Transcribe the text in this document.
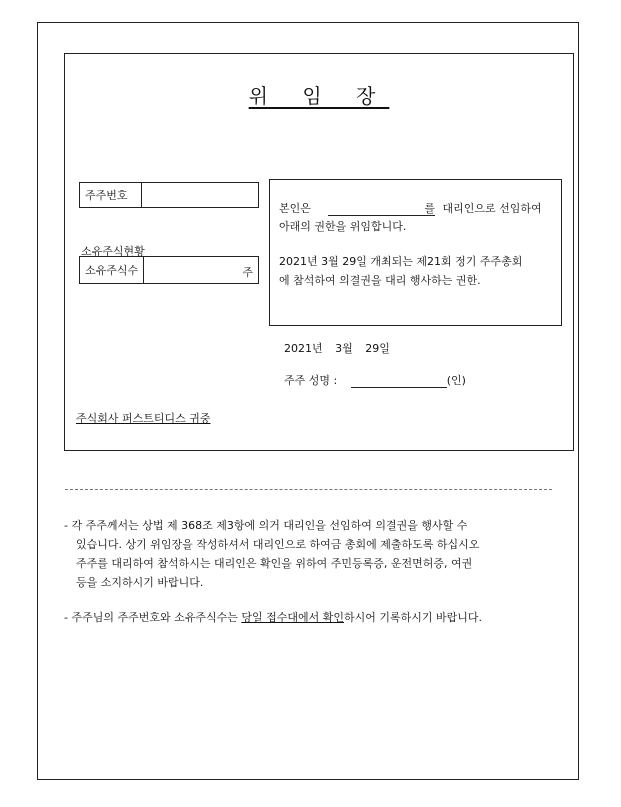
위 임 장
주주번호
소유주식현황
소유주식수	주
본인은	를 대리인으로 선임하여
아래의 권한을 위임합니다.
2021년 3월 29일 개최되는 제21회 정기 주주총회
에 참석하여 의결권을 대리 행사하는 권한.
2021년 3월 29일
주주 성명 :	(인)
주식회사 퍼스트티디스 귀중
- 각 주주께서는 상법 제 368조 제3항에 의거 대리인을 선임하여 의결권을 행사할 수
있습니다. 상기 위임장을 작성하셔서 대리인으로 하여금 총회에 제출하도록 하십시오
주주를 대리하여 참석하시는 대리인은 확인을 위하여 주민등록증, 운전면허증, 여권
등을 소지하시기 바랍니다.
- 주주님의 주주번호와 소유주식수는 당일 접수대에서 확인하시어 기록하시기 바랍니다.
